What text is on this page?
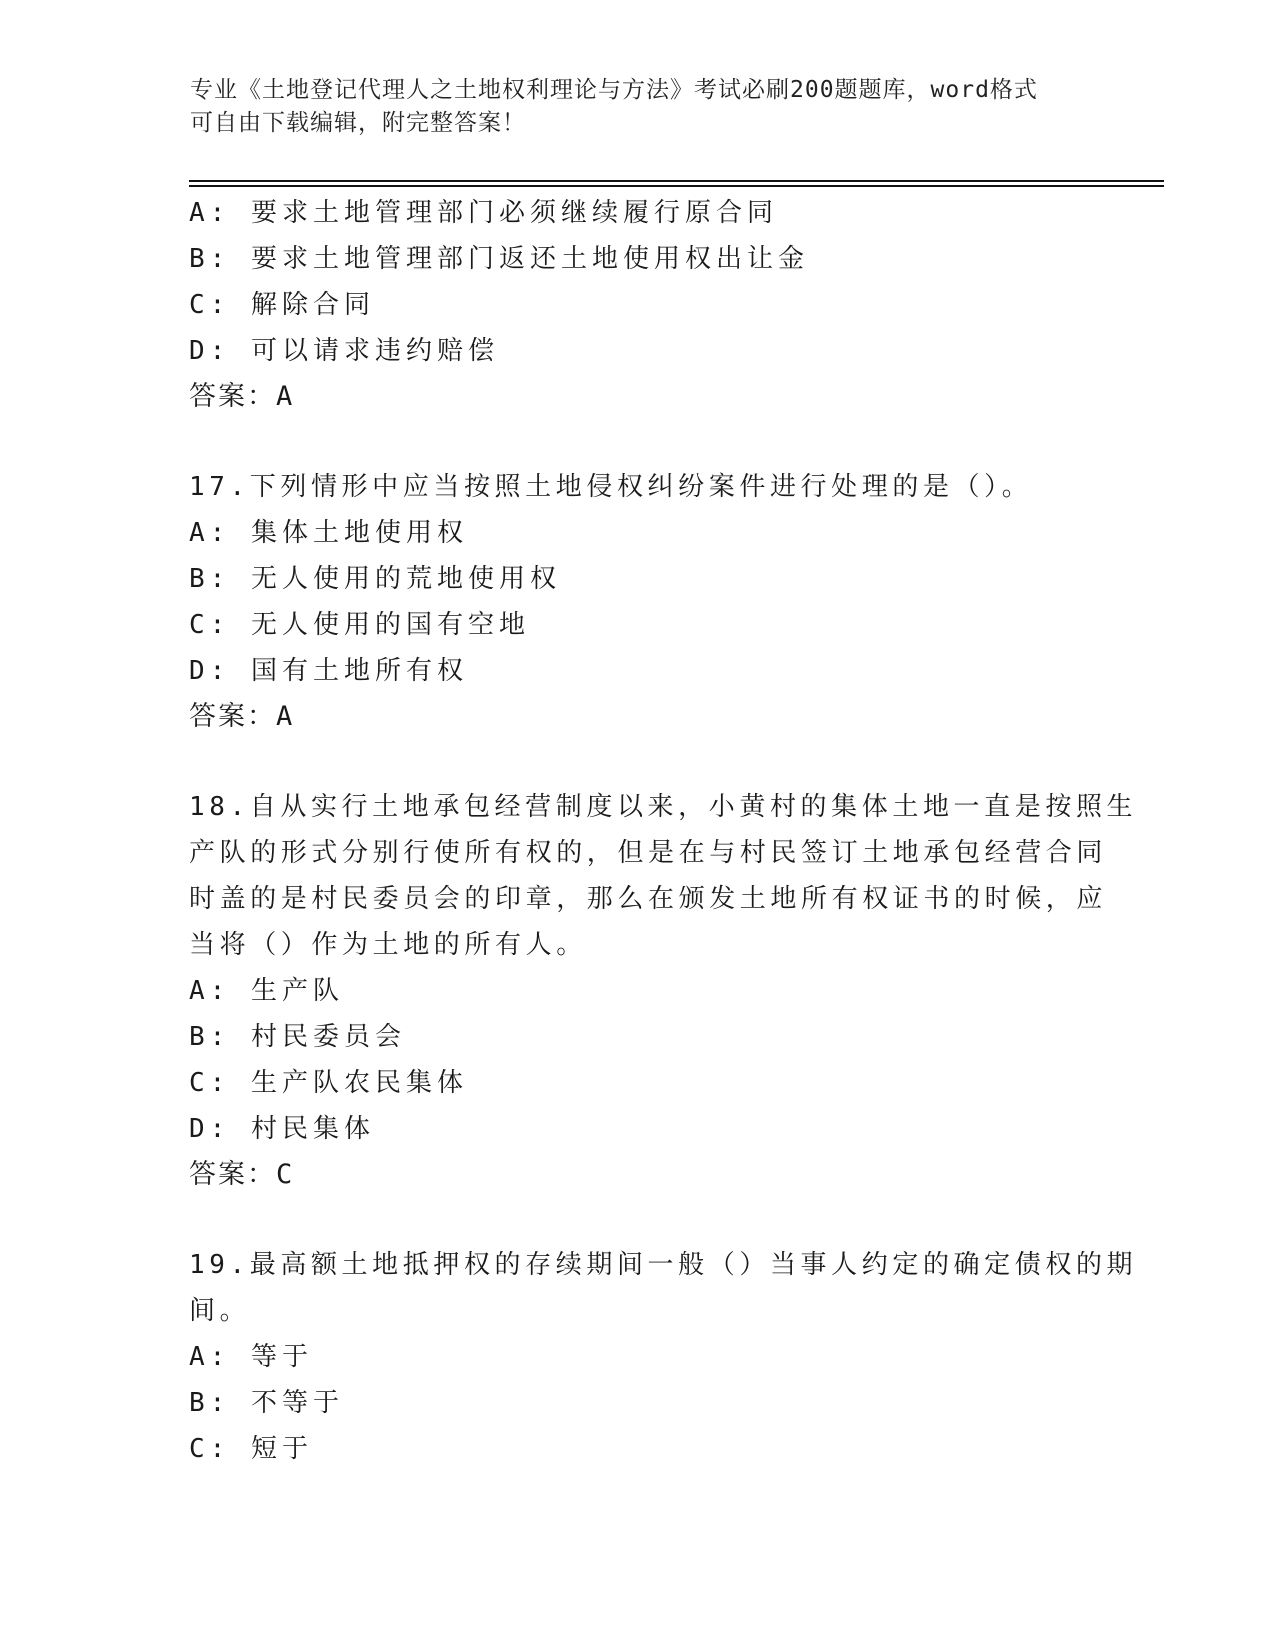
专业《土地登记代理人之土地权利理论与方法》考试必刷200题题库，word格式
可自由下载编辑，附完整答案！
A: 要求土地管理部门必须继续履行原合同
B: 要求土地管理部门返还土地使用权出让金
C: 解除合同
D: 可以请求违约赔偿
答案：A
17.下列情形中应当按照土地侵权纠纷案件进行处理的是（）。
A: 集体土地使用权
B: 无人使用的荒地使用权
C: 无人使用的国有空地
D: 国有土地所有权
答案：A
18.自从实行土地承包经营制度以来，小黄村的集体土地一直是按照生
产队的形式分别行使所有权的，但是在与村民签订土地承包经营合同
时盖的是村民委员会的印章，那么在颁发土地所有权证书的时候，应
当将（）作为土地的所有人。
A: 生产队
B: 村民委员会
C: 生产队农民集体
D: 村民集体
答案：C
19.最高额土地抵押权的存续期间一般（）当事人约定的确定债权的期
间。
A: 等于
B: 不等于
C: 短于
